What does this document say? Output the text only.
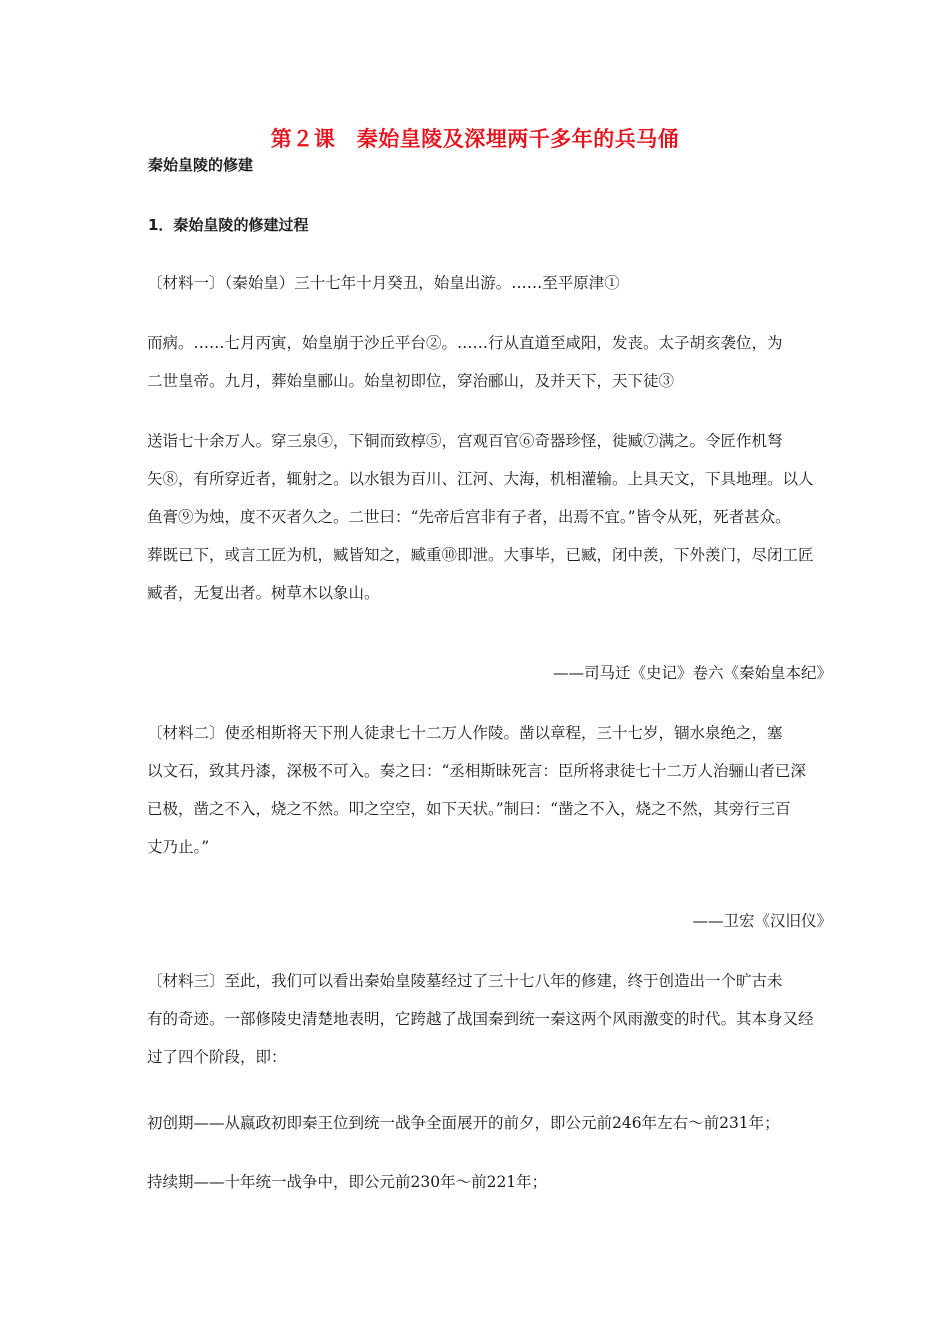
第２课　秦始皇陵及深埋两千多年的兵马俑
秦始皇陵的修建
1．秦始皇陵的修建过程
〔材料一〕（秦始皇）三十七年十月癸丑，始皇出游。……至平原津①
而病。……七月丙寅，始皇崩于沙丘平台②。……行从直道至咸阳，发丧。太子胡亥袭位，为
二世皇帝。九月，葬始皇郦山。始皇初即位，穿治郦山，及并天下，天下徒③
送诣七十余万人。穿三泉④，下铜而致椁⑤，宫观百官⑥奇器珍怪，徙臧⑦满之。令匠作机弩
矢⑧，有所穿近者，辄射之。以水银为百川、江河、大海，机相灌输。上具天文，下具地理。以人
鱼膏⑨为烛，度不灭者久之。二世曰：“先帝后宫非有子者，出焉不宜。”皆令从死，死者甚众。
葬既已下，或言工匠为机，臧皆知之，臧重⑩即泄。大事毕，已臧，闭中羡，下外羡门，尽闭工匠
臧者，无复出者。树草木以象山。
——司马迁《史记》卷六《秦始皇本纪》
〔材料二〕使丞相斯将天下刑人徒隶七十二万人作陵。凿以章程，三十七岁，锢水泉绝之，塞
以文石，致其丹漆，深极不可入。奏之曰：“丞相斯昧死言：臣所将隶徒七十二万人治骊山者已深
已极，凿之不入，烧之不然。叩之空空，如下天状。”制曰：“凿之不入，烧之不然，其旁行三百
丈乃止。”
——卫宏《汉旧仪》
〔材料三〕至此，我们可以看出秦始皇陵墓经过了三十七八年的修建，终于创造出一个旷古未
有的奇迹。一部修陵史清楚地表明，它跨越了战国秦到统一秦这两个风雨激变的时代。其本身又经
过了四个阶段，即：
初创期——从嬴政初即秦王位到统一战争全面展开的前夕，即公元前246年左右～前231年；
持续期——十年统一战争中，即公元前230年～前221年；
